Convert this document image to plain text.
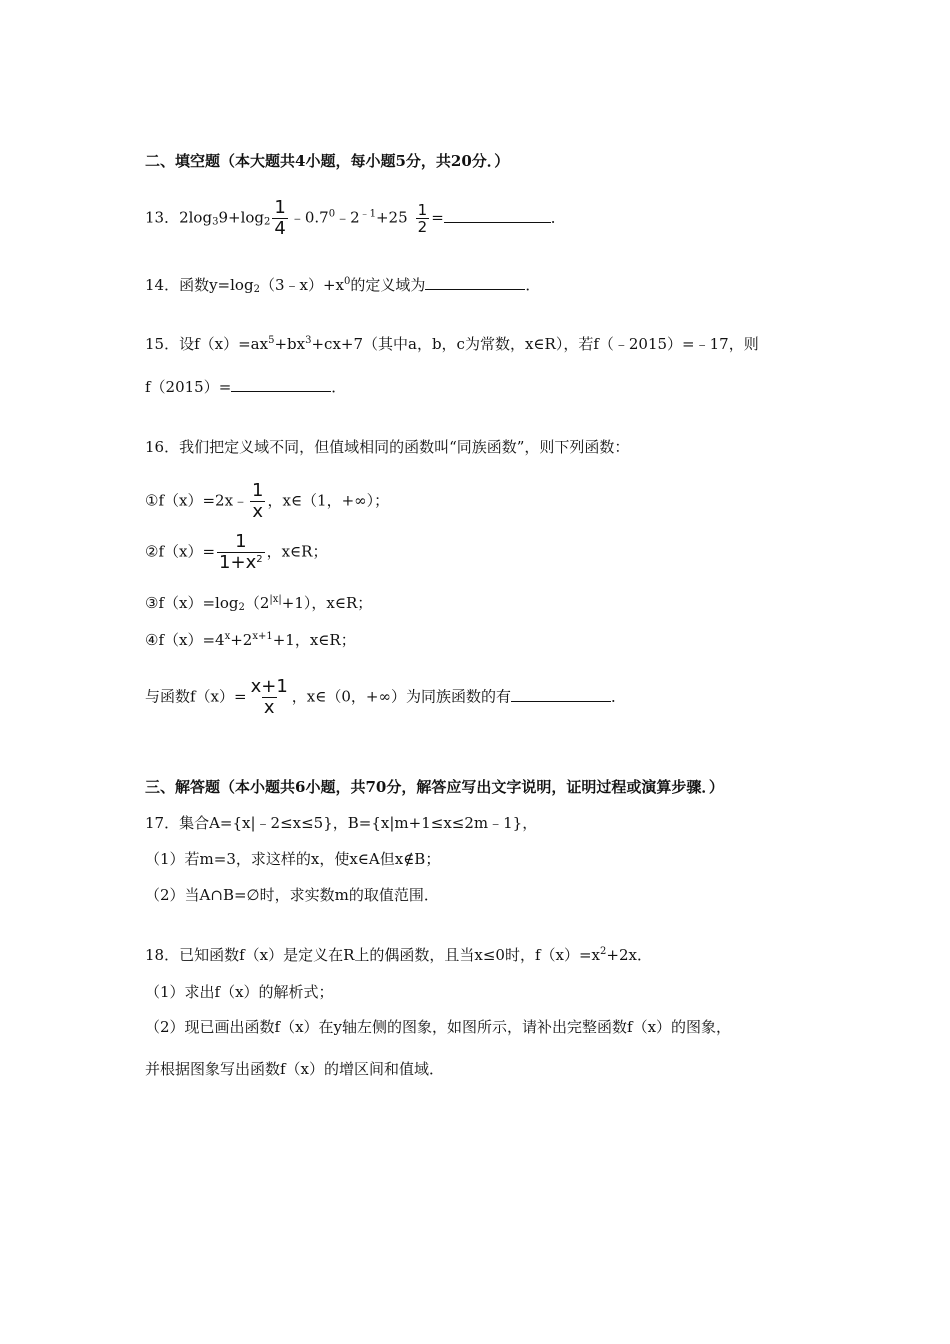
二、填空题（本大题共4小题，每小题5分，共20分．）
13．$2\log_39+\log_2 \frac{1}{4}$ $﹣0.7^0﹣2^{﹣1}+25 \frac{1}{2}$ =	．
14．函数$y=\log_2(3﹣x)+x^0$的定义域为	．
15．设$f(x)=ax^5+bx^3+cx+7$（其中a，b，c为常数，x∈R），若f（﹣2015）=﹣17，则
f（2015）=	．
16．我们把定义域不同，但值域相同的函数叫“同族函数”，则下列函数：
①f（x）=2x﹣ $\frac{1}{x}$ ，x∈（1，+∞）；
②f（x）= $\frac{1}{1+x^2}$ ，x∈R；
$③f(x)=\log_2(2^{|x|}+1)$，x∈R；
$④f(x)=4^x+2^{x+1}+1$，x∈R；
与函数$f(x)= \frac{x+1}{x}$ ，x∈（0，+∞）为同族函数的有	．
三、解答题（本小题共6小题，共70分，解答应写出文字说明，证明过程或演算步骤．）
17．集合A={x|﹣2≤x≤5}，B={x|m+1≤x≤2m﹣1}，
（1）若m=3，求这样的x，使x∈A但x∉B；
（2）当A∩B=∅时，求实数m的取值范围．
18．已知函数f（x）是定义在R上的偶函数，且当x≤0时，$f(x)=x^2+2x$．
（1）求出f（x）的解析式；
（2）现已画出函数f（x）在y轴左侧的图象，如图所示，请补出完整函数f（x）的图象，
并根据图象写出函数f（x）的增区间和值域．
